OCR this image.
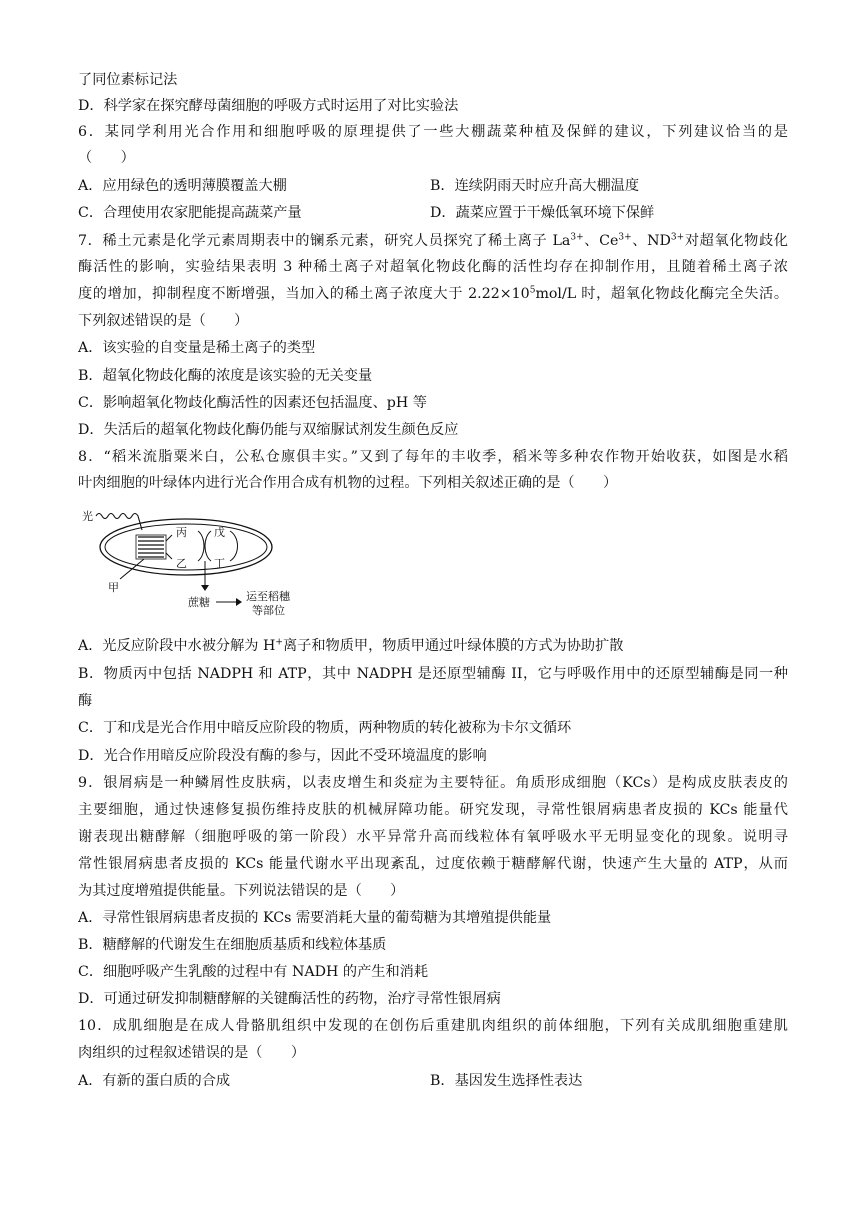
了同位素标记法
D．科学家在探究酵母菌细胞的呼吸方式时运用了对比实验法
6．某同学利用光合作用和细胞呼吸的原理提供了一些大棚蔬菜种植及保鲜的建议，下列建议恰当的是
（　　）
A．应用绿色的透明薄膜覆盖大棚	B．连续阴雨天时应升高大棚温度
C．合理使用农家肥能提高蔬菜产量	D．蔬菜应置于干燥低氧环境下保鲜
7．稀土元素是化学元素周期表中的镧系元素，研究人员探究了稀土离子 $La^{3+}$、$Ce^{3+}$、$ND^{3+}$对超氧化物歧化
酶活性的影响，实验结果表明 3 种稀土离子对超氧化物歧化酶的活性均存在抑制作用，且随着稀土离子浓
度的增加，抑制程度不断增强，当加入的稀土离子浓度大于 $2.22\times 10^5mol/L$ 时，超氧化物歧化酶完全失活。
下列叙述错误的是（　　）
A．该实验的自变量是稀土离子的类型
B．超氧化物歧化酶的浓度是该实验的无关变量
C．影响超氧化物歧化酶活性的因素还包括温度、pH 等
D．失活后的超氧化物歧化酶仍能与双缩脲试剂发生颜色反应
8．“稻米流脂粟米白，公私仓廪俱丰实。”又到了每年的丰收季，稻米等多种农作物开始收获，如图是水稻
叶肉细胞的叶绿体内进行光合作用合成有机物的过程。下列相关叙述正确的是（　　）
光
甲
丙
乙
戊
丁
蔗糖	运至稻穗
等部位
A．光反应阶段中水被分解为 H+离子和物质甲，物质甲通过叶绿体膜的方式为协助扩散
B．物质丙中包括 NADPH 和 ATP，其中 NADPH 是还原型辅酶 II，它与呼吸作用中的还原型辅酶是同一种
酶
C．丁和戊是光合作用中暗反应阶段的物质，两种物质的转化被称为卡尔文循环
D．光合作用暗反应阶段没有酶的参与，因此不受环境温度的影响
9．银屑病是一种鳞屑性皮肤病，以表皮增生和炎症为主要特征。角质形成细胞（KCs）是构成皮肤表皮的
主要细胞，通过快速修复损伤维持皮肤的机械屏障功能。研究发现，寻常性银屑病患者皮损的 KCs 能量代
谢表现出糖酵解（细胞呼吸的第一阶段）水平异常升高而线粒体有氧呼吸水平无明显变化的现象。说明寻
常性银屑病患者皮损的 KCs 能量代谢水平出现紊乱，过度依赖于糖酵解代谢，快速产生大量的 ATP，从而
为其过度增殖提供能量。下列说法错误的是（　　）
A．寻常性银屑病患者皮损的 KCs 需要消耗大量的葡萄糖为其增殖提供能量
B．糖酵解的代谢发生在细胞质基质和线粒体基质
C．细胞呼吸产生乳酸的过程中有 NADH 的产生和消耗
D．可通过研发抑制糖酵解的关键酶活性的药物，治疗寻常性银屑病
10．成肌细胞是在成人骨骼肌组织中发现的在创伤后重建肌肉组织的前体细胞，下列有关成肌细胞重建肌
肉组织的过程叙述错误的是（　　）
A．有新的蛋白质的合成	B．基因发生选择性表达
